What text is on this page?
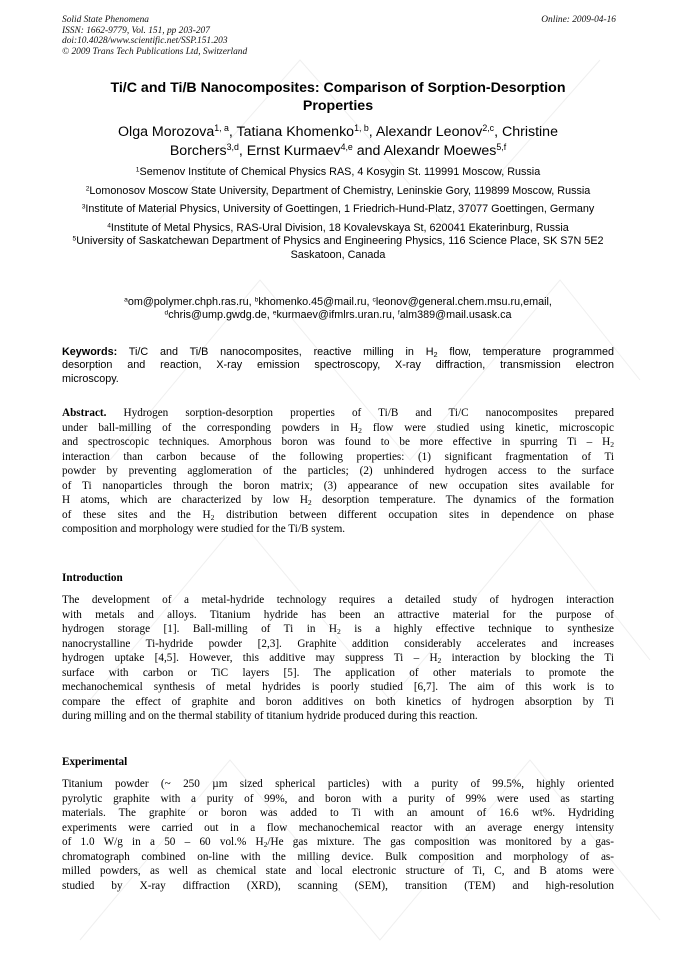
Solid State Phenomena
ISSN: 1662-9779, Vol. 151, pp 203-207
doi:10.4028/www.scientific.net/SSP.151.203
© 2009 Trans Tech Publications Ltd, Switzerland
Online: 2009-04-16
Ti/C and Ti/B Nanocomposites: Comparison of Sorption-Desorption
Properties
Olga Morozova$^{1, a}$, Tatiana Khomenko$^{1, b}$, Alexandr Leonov$^{2,c}$, Christine
Borchers$^{3,d}$, Ernst Kurmaev$^{4,e}$ and Alexandr Moewes$^{5,f}$
$^1$Semenov Institute of Chemical Physics RAS, 4 Kosygin St. 119991 Moscow, Russia
$^2$Lomonosov Moscow State University, Department of Chemistry, Leninskie Gory, 119899 Moscow, Russia
$^3$Institute of Material Physics, University of Goettingen, 1 Friedrich-Hund-Platz, 37077 Goettingen, Germany
$^4$Institute of Metal Physics, RAS-Ural Division, 18 Kovalevskaya St, 620041 Ekaterinburg, Russia
$^5$University of Saskatchewan Department of Physics and Engineering Physics, 116 Science Place, SK S7N 5E2 Saskatoon, Canada
$^a$om@polymer.chph.ras.ru, $^b$khomenko.45@mail.ru, $^c$leonov@general.chem.msu.ru,email,
$^d$chris@ump.gwdg.de, $^e$kurmaev@ifmlrs.uran.ru, $^f$alm389@mail.usask.ca
Keywords: Ti/C and Ti/B nanocomposites, reactive milling in $H_2$ flow, temperature programmed
desorption and reaction, X-ray emission spectroscopy, X-ray diffraction, transmission electron
microscopy.
Abstract. Hydrogen sorption-desorption properties of Ti/B and Ti/C nanocomposites prepared
under ball-milling of the corresponding powders in $H_2$ flow were studied using kinetic, microscopic
and spectroscopic techniques. Amorphous boron was found to be more effective in spurring Ti – $H_2$
interaction than carbon because of the following properties: (1) significant fragmentation of Ti
powder by preventing agglomeration of the particles; (2) unhindered hydrogen access to the surface
of Ti nanoparticles through the boron matrix; (3) appearance of new occupation sites available for
H atoms, which are characterized by low $H_2$ desorption temperature. The dynamics of the formation
of these sites and the $H_2$ distribution between different occupation sites in dependence on phase
composition and morphology were studied for the Ti/B system.
Introduction
The development of a metal-hydride technology requires a detailed study of hydrogen interaction
with metals and alloys. Titanium hydride has been an attractive material for the purpose of
hydrogen storage [1]. Ball-milling of Ti in $H_2$ is a highly effective technique to synthesize
nanocrystalline Ti-hydride powder [2,3]. Graphite addition considerably accelerates and increases
hydrogen uptake [4,5]. However, this additive may suppress Ti – $H_2$ interaction by blocking the Ti
surface with carbon or TiC layers [5]. The application of other materials to promote the
mechanochemical synthesis of metal hydrides is poorly studied [6,7]. The aim of this work is to
compare the effect of graphite and boron additives on both kinetics of hydrogen absorption by Ti
during milling and on the thermal stability of titanium hydride produced during this reaction.
Experimental
Titanium powder (~ 250 µm sized spherical particles) with a purity of 99.5%, highly oriented
pyrolytic graphite with a purity of 99%, and boron with a purity of 99% were used as starting
materials. The graphite or boron was added to Ti with an amount of 16.6 wt%. Hydriding
experiments were carried out in a flow mechanochemical reactor with an average energy intensity
of 1.0 W/g in a 50 – 60 vol.% $H_2/He$ gas mixture. The gas composition was monitored by a gas-
chromatograph combined on-line with the milling device. Bulk composition and morphology of as-
milled powders, as well as chemical state and local electronic structure of Ti, C, and B atoms were
studied by X-ray diffraction (XRD), scanning (SEM), transition (TEM) and high-resolution
